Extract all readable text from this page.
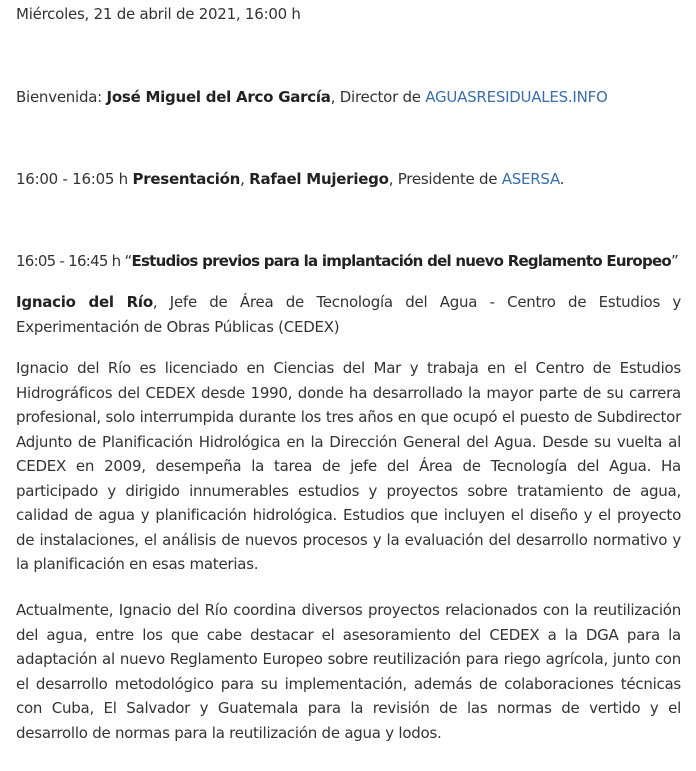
Miércoles, 21 de abril de 2021, 16:00 h
Bienvenida: José Miguel del Arco García, Director de AGUASRESIDUALES.INFO
16:00 - 16:05 h Presentación, Rafael Mujeriego, Presidente de ASERSA.
16:05 - 16:45 h “Estudios previos para la implantación del nuevo Reglamento Europeo”
Ignacio del Río, Jefe de Área de Tecnología del Agua - Centro de Estudios y Experimentación de Obras Públicas (CEDEX)
Ignacio del Río es licenciado en Ciencias del Mar y trabaja en el Centro de Estudios Hidrográficos del CEDEX desde 1990, donde ha desarrollado la mayor parte de su carrera profesional, solo interrumpida durante los tres años en que ocupó el puesto de Subdirector Adjunto de Planificación Hidrológica en la Dirección General del Agua. Desde su vuelta al CEDEX en 2009, desempeña la tarea de jefe del Área de Tecnología del Agua. Ha participado y dirigido innumerables estudios y proyectos sobre tratamiento de agua, calidad de agua y planificación hidrológica. Estudios que incluyen el diseño y el proyecto de instalaciones, el análisis de nuevos procesos y la evaluación del desarrollo normativo y la planificación en esas materias.
Actualmente, Ignacio del Río coordina diversos proyectos relacionados con la reutilización del agua, entre los que cabe destacar el asesoramiento del CEDEX a la DGA para la adaptación al nuevo Reglamento Europeo sobre reutilización para riego agrícola, junto con el desarrollo metodológico para su implementación, además de colaboraciones técnicas con Cuba, El Salvador y Guatemala para la revisión de las normas de vertido y el desarrollo de normas para la reutilización de agua y lodos.
